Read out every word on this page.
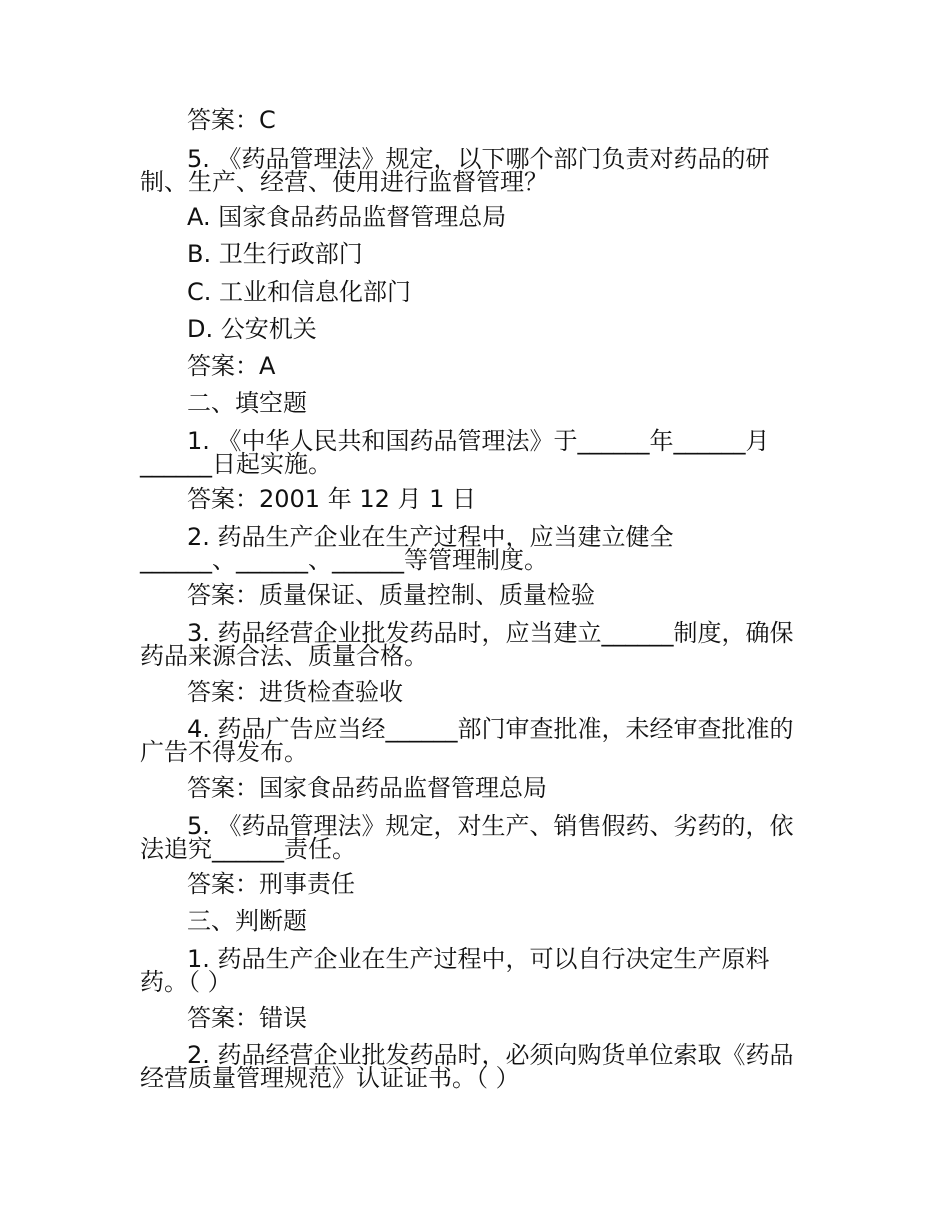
答案：C
5. 《药品管理法》规定，以下哪个部门负责对药品的研
制、生产、经营、使用进行监督管理？
A. 国家食品药品监督管理总局
B. 卫生行政部门
C. 工业和信息化部门
D. 公安机关
答案：A
二、填空题
1. 《中华人民共和国药品管理法》于______年______月
______日起实施。
答案：2001 年 12 月 1 日
2. 药品生产企业在生产过程中，应当建立健全
______、______、______等管理制度。
答案：质量保证、质量控制、质量检验
3. 药品经营企业批发药品时，应当建立______制度，确保
药品来源合法、质量合格。
答案：进货检查验收
4. 药品广告应当经______部门审查批准，未经审查批准的
广告不得发布。
答案：国家食品药品监督管理总局
5. 《药品管理法》规定，对生产、销售假药、劣药的，依
法追究______责任。
答案：刑事责任
三、判断题
1. 药品生产企业在生产过程中，可以自行决定生产原料
药。（ ）
答案：错误
2. 药品经营企业批发药品时，必须向购货单位索取《药品
经营质量管理规范》认证证书。（ ）
